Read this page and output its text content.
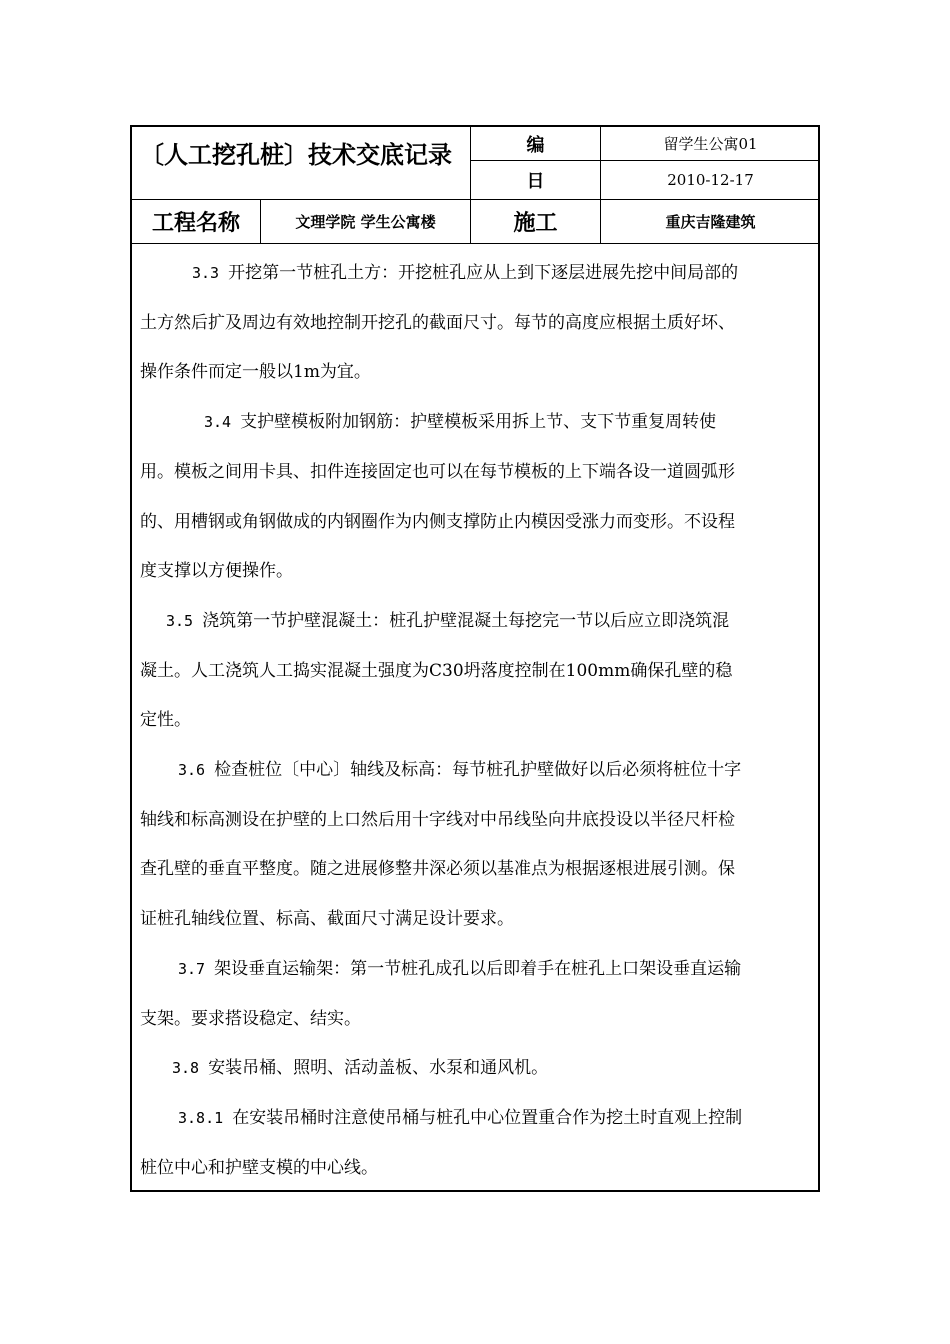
〔人工挖孔桩〕技术交底记录	编	留学生公寓01
日	2010-12-17
工程名称	文理学院 学生公寓楼	施工	重庆吉隆建筑
3.3 开挖第一节桩孔土方：开挖桩孔应从上到下逐层进展先挖中间局部的
土方然后扩及周边有效地控制开挖孔的截面尺寸。每节的高度应根据土质好坏、
操作条件而定一般以1m为宜。
3.4 支护壁模板附加钢筋：护壁模板采用拆上节、支下节重复周转使
用。模板之间用卡具、扣件连接固定也可以在每节模板的上下端各设一道圆弧形
的、用槽钢或角钢做成的内钢圈作为内侧支撑防止内模因受涨力而变形。不设程
度支撑以方便操作。
3.5 浇筑第一节护壁混凝土：桩孔护壁混凝土每挖完一节以后应立即浇筑混
凝土。人工浇筑人工捣实混凝土强度为C30坍落度控制在100mm确保孔壁的稳
定性。
3.6 检查桩位〔中心〕轴线及标高：每节桩孔护壁做好以后必须将桩位十字
轴线和标高测设在护壁的上口然后用十字线对中吊线坠向井底投设以半径尺杆检
查孔壁的垂直平整度。随之进展修整井深必须以基准点为根据逐根进展引测。保
证桩孔轴线位置、标高、截面尺寸满足设计要求。
3.7 架设垂直运输架：第一节桩孔成孔以后即着手在桩孔上口架设垂直运输
支架。要求搭设稳定、结实。
3.8 安装吊桶、照明、活动盖板、水泵和通风机。
3.8.1 在安装吊桶时注意使吊桶与桩孔中心位置重合作为挖土时直观上控制
桩位中心和护壁支模的中心线。
